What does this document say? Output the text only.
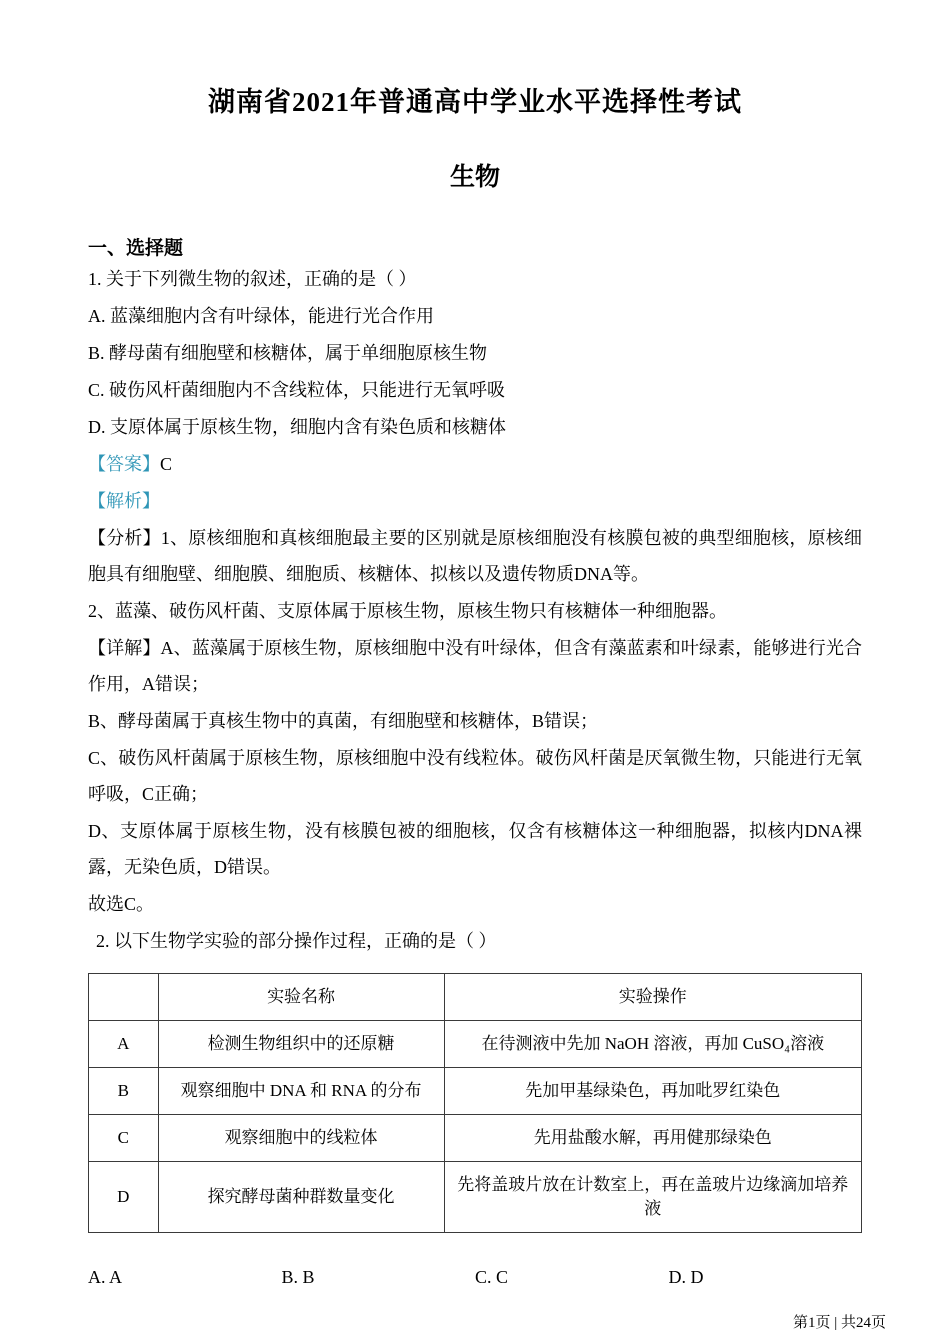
湖南省2021年普通高中学业水平选择性考试
生物
一、选择题

1. 关于下列微生物的叙述，正确的是（ ）

A. 蓝藻细胞内含有叶绿体，能进行光合作用

B. 酵母菌有细胞壁和核糖体，属于单细胞原核生物

C. 破伤风杆菌细胞内不含线粒体，只能进行无氧呼吸

D. 支原体属于原核生物，细胞内含有染色质和核糖体

【答案】C

【解析】

【分析】1、原核细胞和真核细胞最主要的区别就是原核细胞没有核膜包被的典型细胞核，原核细胞具有细胞壁、细胞膜、细胞质、核糖体、拟核以及遗传物质DNA等。

2、蓝藻、破伤风杆菌、支原体属于原核生物，原核生物只有核糖体一种细胞器。

【详解】A、蓝藻属于原核生物，原核细胞中没有叶绿体，但含有藻蓝素和叶绿素，能够进行光合作用，A错误；

B、酵母菌属于真核生物中的真菌，有细胞壁和核糖体，B错误；

C、破伤风杆菌属于原核生物，原核细胞中没有线粒体。破伤风杆菌是厌氧微生物，只能进行无氧呼吸，C正确；

D、支原体属于原核生物，没有核膜包被的细胞核，仅含有核糖体这一种细胞器，拟核内DNA裸露，无染色质，D错误。

故选C。

2. 以下生物学实验的部分操作过程，正确的是（ ）

	实验名称	实验操作
A	检测生物组织中的还原糖	在待测液中先加 NaOH 溶液，再加 CuSO₄溶液
B	观察细胞中 DNA 和 RNA 的分布	先加甲基绿染色，再加吡罗红染色
C	观察细胞中的线粒体	先用盐酸水解，再用健那绿染色
D	探究酵母菌种群数量变化	先将盖玻片放在计数室上，再在盖玻片边缘滴加培养液
A. A	B. B	C. C	D. D
第1页 | 共24页
